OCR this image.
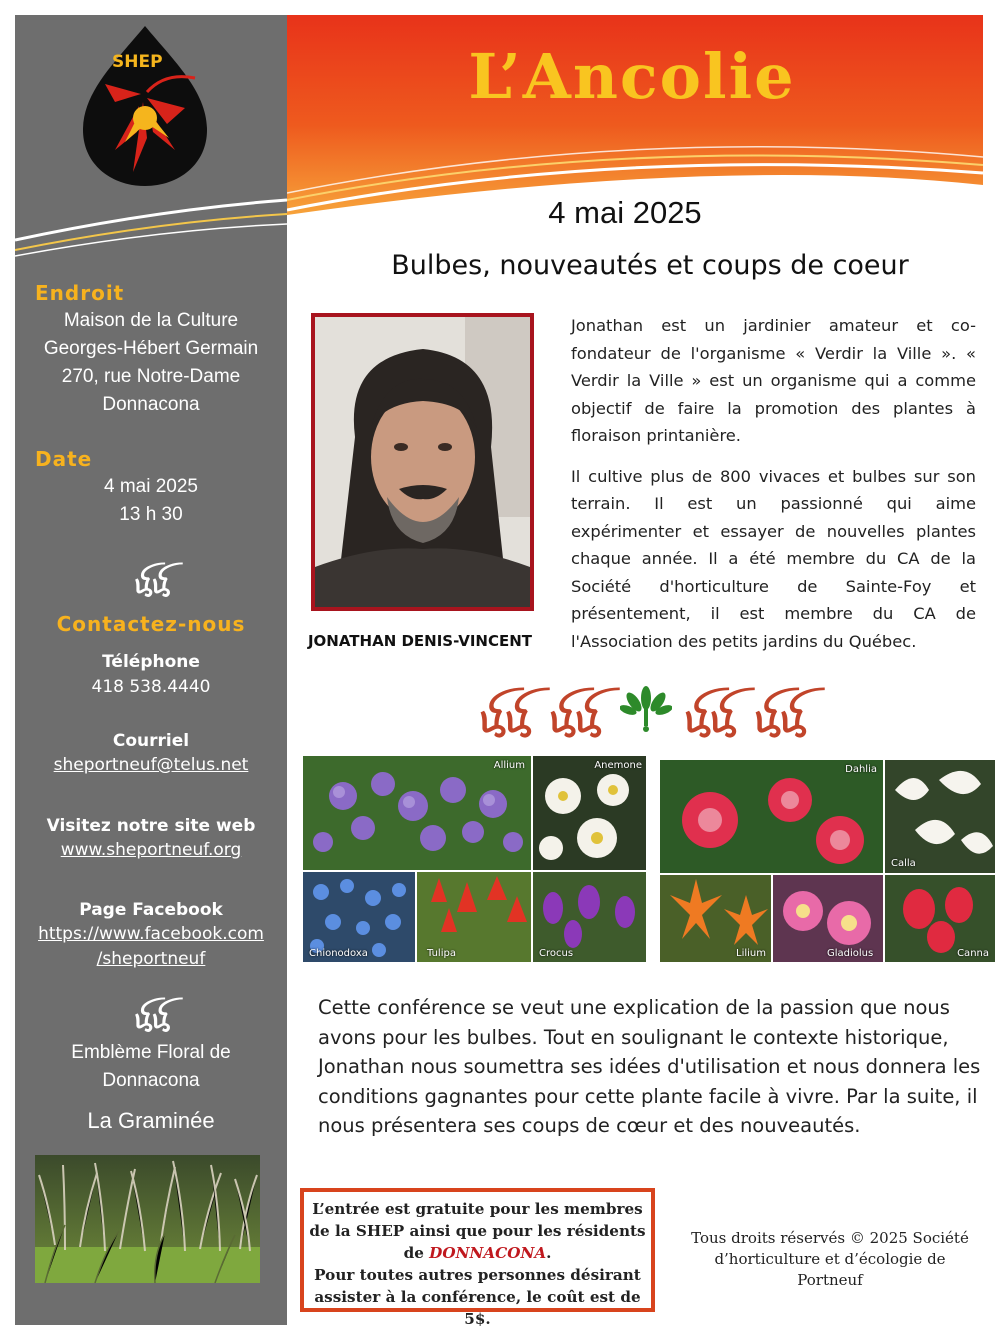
SHEP
Endroit
Maison de la Culture
Georges-Hébert Germain
270, rue Notre-Dame
Donnacona
Date
4 mai 2025
13 h 30
ꪍꪍ
Contactez-nous
Téléphone
418 538.4440
Courriel
sheportneuf@telus.net
Visitez notre site web
www.sheportneuf.org
Page Facebook
https://www.facebook.com
/sheportneuf
ꪍꪍ
Emblème Floral de
Donnacona
La Graminée
L’Ancolie
4 mai 2025
Bulbes, nouveautés et coups de coeur
JONATHAN DENIS-VINCENT

Jonathan est un jardinier amateur et co-fondateur de l'organisme « Verdir la Ville ». « Verdir la Ville » est un organisme qui a comme objectif de faire la promotion des plantes à floraison printanière.

Il cultive plus de 800 vivaces et bulbes sur son terrain. Il est un passionné qui aime expérimenter et essayer de nouvelles plantes chaque année. Il a été membre du CA de la Société d'horticulture de Sainte-Foy et présentement, il est membre du CA de l'Association des petits jardins du Québec.

ꪍꪍ ꪍꪍ ꪍꪍ ꪍꪍ
Allium	Anemone
Chionodoxa	Tulipa	Crocus
Dahlia
Calla
Lilium	Gladiolus	Canna
Cette conférence se veut une explication de la passion que nous avons pour les bulbes. Tout en soulignant le contexte historique, Jonathan nous soumettra ses idées d'utilisation et nous donnera les conditions gagnantes pour cette plante facile à vivre. Par la suite, il nous présentera ses coups de cœur et des nouveautés.
L’entrée est gratuite pour les membres
de la SHEP ainsi que pour les résidents
de DONNACONA.
Pour toutes autres personnes désirant
assister à la conférence, le coût est de 5$.
Tous droits réservés © 2025 Société
d’horticulture et d’écologie de Portneuf
